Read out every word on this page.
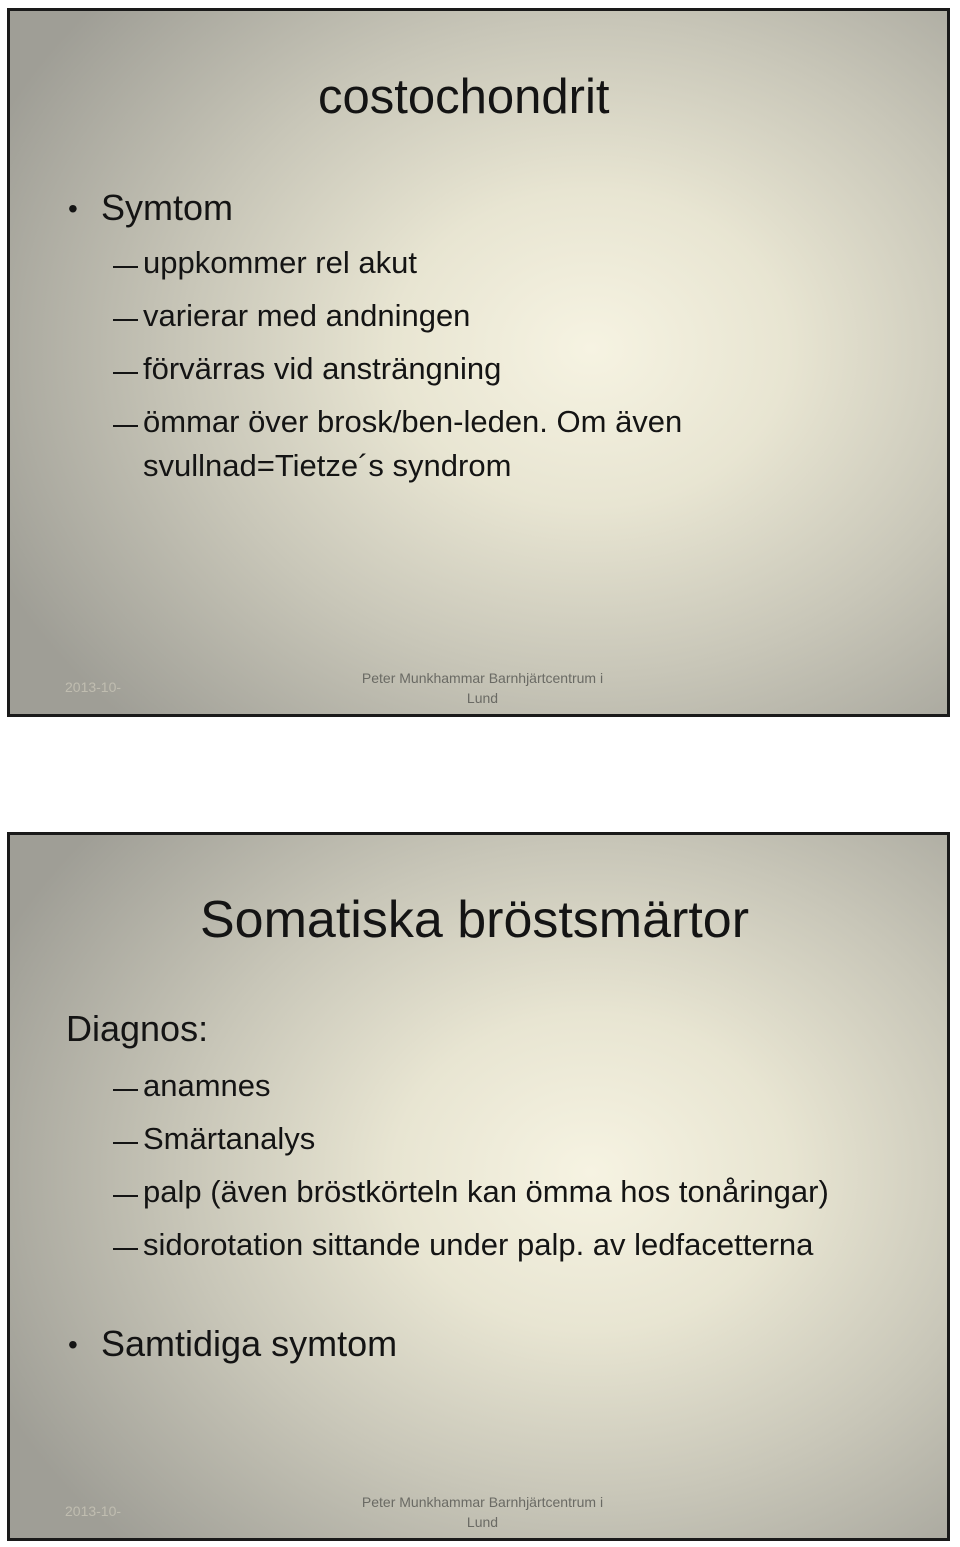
costochondrit
• Symtom
uppkommer rel akut
varierar med andningen
förvärras vid ansträngning
ömmar över brosk/ben-leden. Om även
svullnad=Tietze´s syndrom
2013-10-
Peter Munkhammar Barnhjärtcentrum i
Lund
Somatiska bröstsmärtor
Diagnos:
anamnes
Smärtanalys
palp (även bröstkörteln kan ömma hos tonåringar)
sidorotation sittande under palp. av ledfacetterna
• Samtidiga symtom
2013-10-
Peter Munkhammar Barnhjärtcentrum i
Lund
